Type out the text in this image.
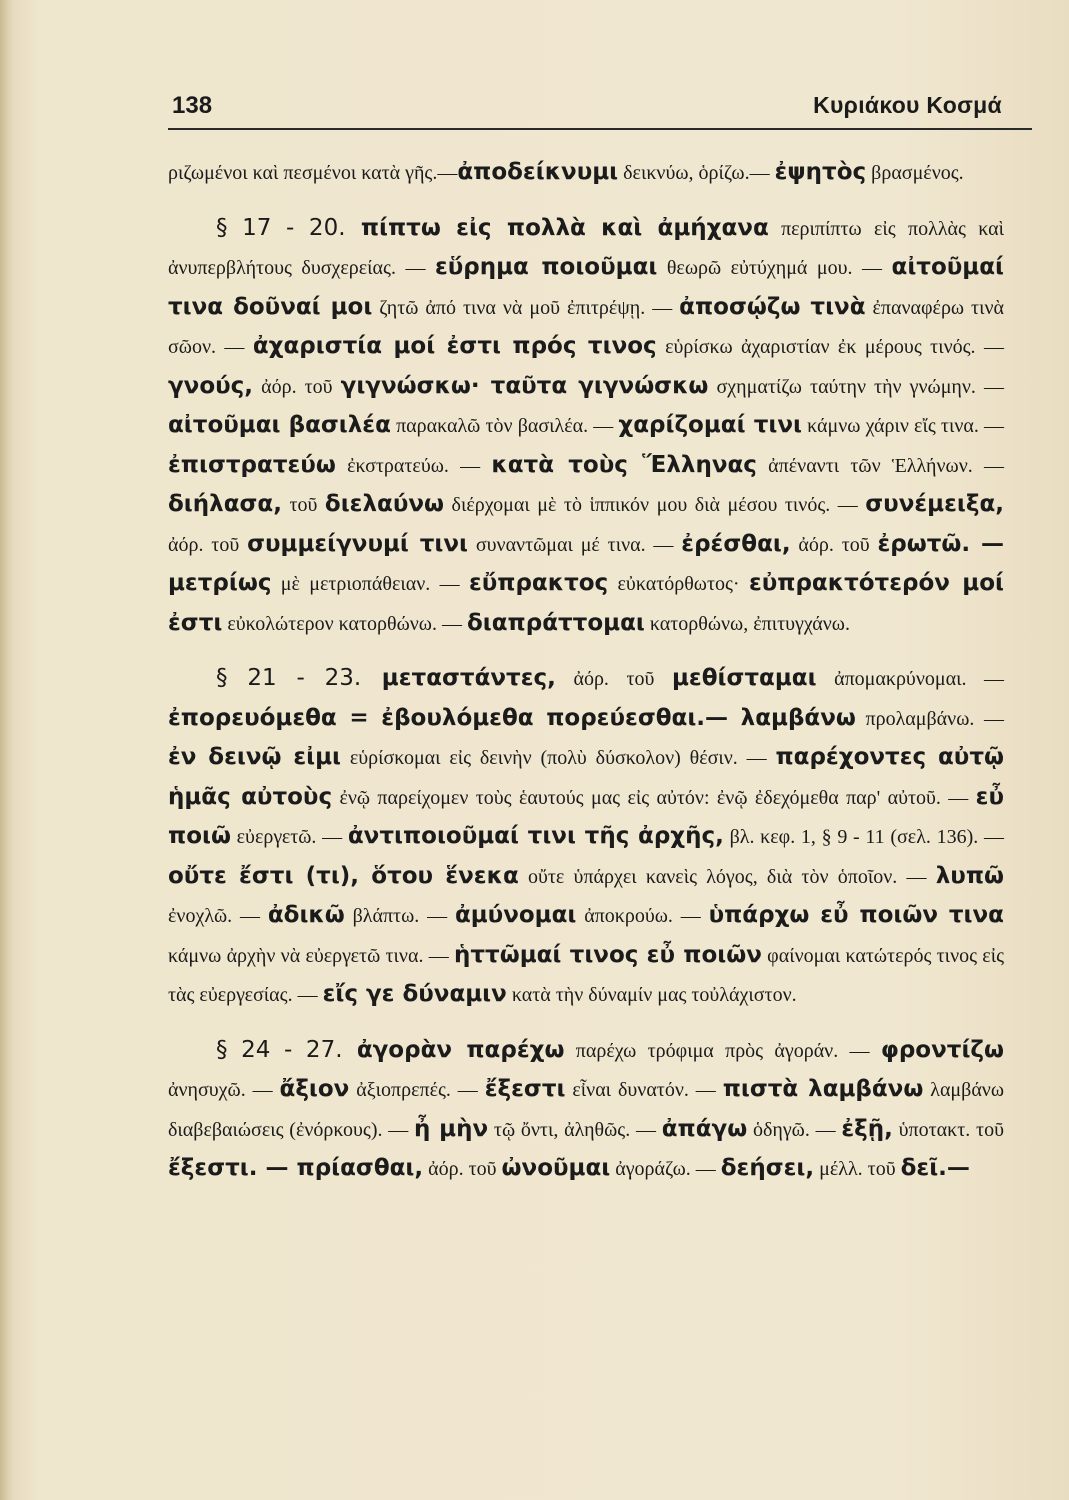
138	Κυριάκου Κοσμά

ριζωμένοι καὶ πεσμένοι κατὰ γῆς.—ἀποδείκνυμι δεικνύω, ὁρίζω.— ἐψητὸς βρασμένος.

§ 17 - 20. πίπτω εἰς πολλὰ καὶ ἀμήχανα περιπίπτω εἰς πολλὰς καὶ ἀνυπερβλήτους δυσχερείας. — εὕρημα ποιοῦμαι θεωρῶ εὐτύχημά μου. — αἰτοῦμαί τινα δοῦναί μοι ζητῶ ἀπό τινα νὰ μοῦ ἐπιτρέψῃ. — ἀποσῴζω τινὰ ἐπαναφέρω τινὰ σῶον. — ἀχαριστία μοί ἐστι πρός τινος εὑρίσκω ἀχαριστίαν ἐκ μέρους τινός. — γνούς, ἀόρ. τοῦ γιγνώσκω· ταῦτα γιγνώσκω σχηματίζω ταύτην τὴν γνώμην. — αἰτοῦμαι βασιλέα παρακαλῶ τὸν βασιλέα. — χαρίζομαί τινι κάμνω χάριν εἴς τινα. — ἐπιστρατεύω ἐκστρατεύω. — κατὰ τοὺς Ἕλληνας ἀπέναντι τῶν Ἑλλήνων. — διήλασα, τοῦ διελαύνω διέρχομαι μὲ τὸ ἱππικόν μου διὰ μέσου τινός. — συνέμειξα, ἀόρ. τοῦ συμμείγνυμί τινι συναντῶμαι μέ τινα. — ἐρέσθαι, ἀόρ. τοῦ ἐρωτῶ. — μετρίως μὲ μετριοπάθειαν. — εὔπρακτος εὐκατόρθωτος· εὐπρακτότερόν μοί ἐστι εὐκολώτερον κατορθώνω. — διαπράττομαι κατορθώνω, ἐπιτυγχάνω.

§ 21 - 23. μεταστάντες, ἀόρ. τοῦ μεθίσταμαι ἀπομακρύνομαι. — ἐπορευόμεθα = ἐβουλόμεθα πορεύεσθαι.— λαμβάνω προλαμβάνω. — ἐν δεινῷ εἰμι εὑρίσκομαι εἰς δεινὴν (πολὺ δύσκολον) θέσιν. — παρέχοντες αὐτῷ ἡμᾶς αὐτοὺς ἐνῷ παρείχομεν τοὺς ἑαυτούς μας εἰς αὐτόν: ἐνῷ ἐδεχόμεθα παρ' αὐτοῦ. — εὖ ποιῶ εὐεργετῶ. — ἀντιποιοῦμαί τινι τῆς ἀρχῆς, βλ. κεφ. 1, § 9 - 11 (σελ. 136). — οὔτε ἔστι (τι), ὅτου ἕνεκα οὔτε ὑπάρχει κανεὶς λόγος, διὰ τὸν ὁποῖον. — λυπῶ ἐνοχλῶ. — ἀδικῶ βλάπτω. — ἀμύνομαι ἀποκρούω. — ὑπάρχω εὖ ποιῶν τινα κάμνω ἀρχὴν νὰ εὐεργετῶ τινα. — ἡττῶμαί τινος εὖ ποιῶν φαίνομαι κατώτερός τινος εἰς τὰς εὐεργεσίας. — εἴς γε δύναμιν κατὰ τὴν δύναμίν μας τοὐλάχιστον.

§ 24 - 27. ἀγορὰν παρέχω παρέχω τρόφιμα πρὸς ἀγοράν. — φροντίζω ἀνησυχῶ. — ἄξιον ἀξιοπρεπές. — ἔξεστι εἶναι δυνατόν. — πιστὰ λαμβάνω λαμβάνω διαβεβαιώσεις (ἐνόρκους). — ἦ μὴν τῷ ὄντι, ἀληθῶς. — ἀπάγω ὁδηγῶ. — ἐξῇ, ὑποτακτ. τοῦ ἔξεστι. — πρίασθαι, ἀόρ. τοῦ ὠνοῦμαι ἀγοράζω. — δεήσει, μέλλ. τοῦ δεῖ.—
